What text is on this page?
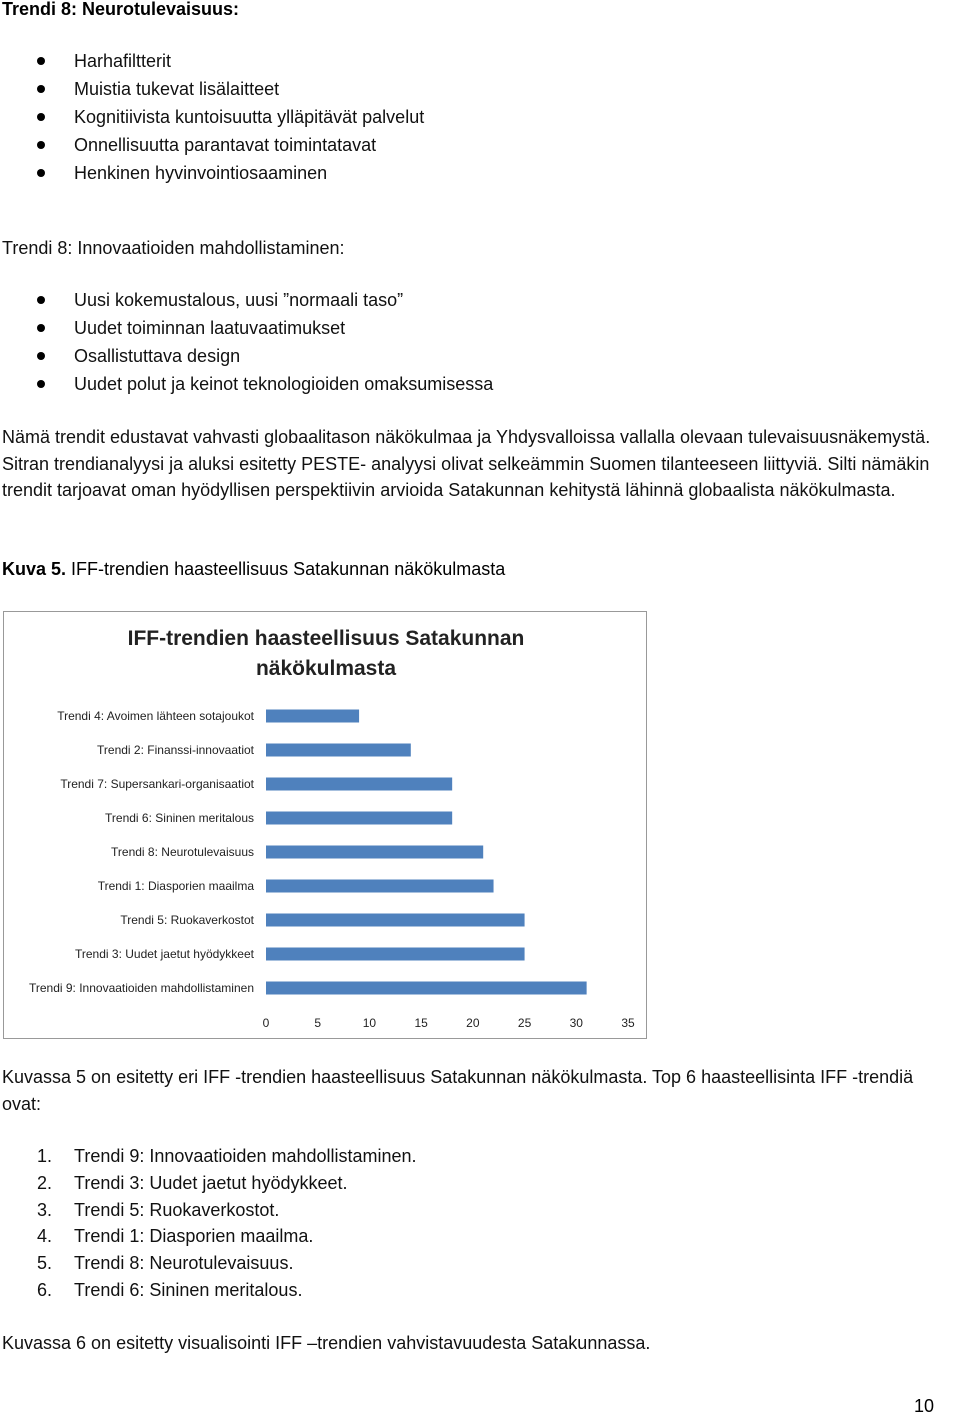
Trendi 8: Neurotulevaisuus:
Harhafiltterit
Muistia tukevat lisälaitteet
Kognitiivista kuntoisuutta ylläpitävät palvelut
Onnellisuutta parantavat toimintatavat
Henkinen hyvinvointiosaaminen
Trendi 8: Innovaatioiden mahdollistaminen:
Uusi kokemustalous, uusi ”normaali taso”
Uudet toiminnan laatuvaatimukset
Osallistuttava design
Uudet polut ja keinot teknologioiden omaksumisessa
Nämä trendit edustavat vahvasti globaalitason näkökulmaa ja Yhdysvalloissa vallalla olevaan tulevaisuusnäkemystä. Sitran trendianalyysi ja aluksi esitetty PESTE- analyysi olivat selkeämmin Suomen tilanteeseen liittyviä. Silti nämäkin trendit tarjoavat oman hyödyllisen perspektiivin arvioida Satakunnan kehitystä lähinnä globaalista näkökulmasta.
Kuva 5. IFF-trendien haasteellisuus Satakunnan näkökulmasta
IFF-trendien haasteellisuus Satakunnan
näkökulmasta
Trendi 4: Avoimen lähteen sotajoukot
Trendi 2: Finanssi-innovaatiot
Trendi 7: Supersankari-organisaatiot
Trendi 6: Sininen meritalous
Trendi 8: Neurotulevaisuus
Trendi 1: Diasporien maailma
Trendi 5: Ruokaverkostot
Trendi 3: Uudet jaetut hyödykkeet
Trendi 9: Innovaatioiden mahdollistaminen
0	5	10	15	20	25	30	35
Kuvassa 5 on esitetty eri IFF -trendien haasteellisuus Satakunnan näkökulmasta. Top 6 haasteellisinta IFF -trendiä ovat:
1. Trendi 9: Innovaatioiden mahdollistaminen.
2. Trendi 3: Uudet jaetut hyödykkeet.
3. Trendi 5: Ruokaverkostot.
4. Trendi 1: Diasporien maailma.
5. Trendi 8: Neurotulevaisuus.
6. Trendi 6: Sininen meritalous.
Kuvassa 6 on esitetty visualisointi IFF –trendien vahvistavuudesta Satakunnassa.
10
